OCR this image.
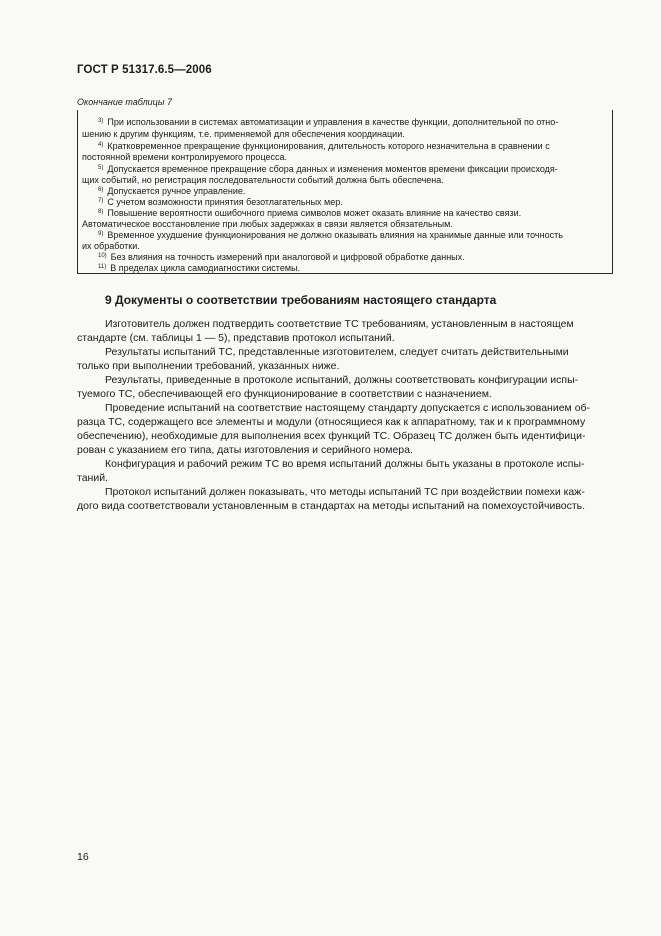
ГОСТ Р 51317.6.5—2006
Окончание таблицы 7
$^{3)}$ При использовании в системах автоматизации и управления в качестве функции, дополнительной по отно-
шению к другим функциям, т.е. применяемой для обеспечения координации.
$^{4)}$ Кратковременное прекращение функционирования, длительность которого незначительна в сравнении с
постоянной времени контролируемого процесса.
$^{5)}$ Допускается временное прекращение сбора данных и изменения моментов времени фиксации происходя-
щих событий, но регистрация последовательности событий должна быть обеспечена.
$^{6)}$ Допускается ручное управление.
$^{7)}$ С учетом возможности принятия безотлагательных мер.
$^{8)}$ Повышение вероятности ошибочного приема символов может оказать влияние на качество связи.
Автоматическое восстановление при любых задержках в связи является обязательным.
$^{9)}$ Временное ухудшение функционирования не должно оказывать влияния на хранимые данные или точность
их обработки.
$^{10)}$ Без влияния на точность измерений при аналоговой и цифровой обработке данных.
$^{11)}$ В пределах цикла самодиагностики системы.
9 Документы о соответствии требованиям настоящего стандарта
Изготовитель должен подтвердить соответствие ТС требованиям, установленным в настоящем
стандарте (см. таблицы 1 — 5), представив протокол испытаний.
Результаты испытаний ТС, представленные изготовителем, следует считать действительными
только при выполнении требований, указанных ниже.
Результаты, приведенные в протоколе испытаний, должны соответствовать конфигурации испы-
туемого ТС, обеспечивающей его функционирование в соответствии с назначением.
Проведение испытаний на соответствие настоящему стандарту допускается с использованием об-
разца ТС, содержащего все элементы и модули (относящиеся как к аппаратному, так и к программному
обеспечению), необходимые для выполнения всех функций ТС. Образец ТС должен быть идентифици-
рован с указанием его типа, даты изготовления и серийного номера.
Конфигурация и рабочий режим ТС во время испытаний должны быть указаны в протоколе испы-
таний.
Протокол испытаний должен показывать, что методы испытаний ТС при воздействии помехи каж-
дого вида соответствовали установленным в стандартах на методы испытаний на помехоустойчивость.
16
